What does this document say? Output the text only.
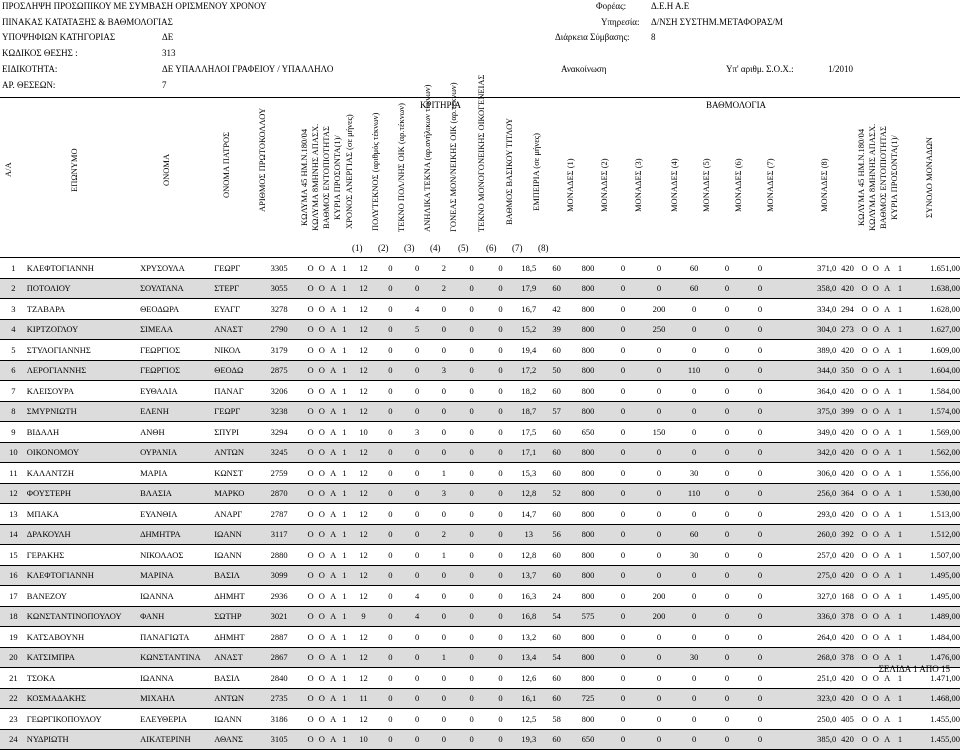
ΠΡΟΣΛΗΨΗ ΠΡΟΣΩΠΙΚΟΥ ΜΕ ΣΥΜΒΑΣΗ ΟΡΙΣΜΕΝΟΥ ΧΡΟΝΟΥ
ΠΙΝΑΚΑΣ ΚΑΤΑΤΑΞΗΣ & ΒΑΘΜΟΛΟΓΙΑΣ
ΥΠΟΨΗΦΙΩΝ ΚΑΤΗΓΟΡΙΑΣ	ΔΕ
ΚΩΔΙΚΟΣ ΘΕΣΗΣ :	313
ΕΙΔΙΚΟΤΗΤΑ:	ΔΕ ΥΠΑΛΛΗΛΟΙ ΓΡΑΦΕΙΟΥ / ΥΠΑΛΛΗΛΟ
ΑΡ. ΘΕΣΕΩΝ:	7
Φορέας:	Δ.Ε.Η Α.Ε
Υπηρεσία: Δ/ΝΣΗ ΣΥΣΤΗΜ.ΜΕΤΑΦΟΡΑΣ/Μ
Διάρκεια Σύμβασης: 8
Ανακοίνωση	Υπ' αριθμ. Σ.Ο.Χ.:	1/2010
Α/Α	ΕΠΩΝΥΜΟ	ΟΝΟΜΑ	ΟΝΟΜΑ ΠΑΤΡΟΣ	ΑΡΙΘΜΟΣ ΠΡΩΤΟΚΟΛΛΟΥ	ΚΩΛΥΜΑ 45 ΗΜ.Ν.180/04 ΚΩΛΥΜΑ 8ΜΗΝΗΣ ΑΠΑΣΧ. ΒΑΘΜΟΣ ΕΝΤΟΠΙΟΤΗΤΑΣ ΚΥΡΙΑ ΠΡΟΣΟΝΤΑ(1)/
ΚΡΙΤΗΡΙΑ
ΧΡΟΝΟΣ ΑΝΕΡΓΙΑΣ (σε μήνες) ΠΟΛΥΤΕΚΝΟΣ (αριθμός τέκνων) ΤΕΚΝΟ ΠΟΛ/ΝΗΣ ΟΙΚ (αρ.τέκνων) ΑΝΗΛΙΚΑ ΤΕΚΝΑ (αρ.ανήλικων τέκνων) ΓΟΝΕΑΣ ΜΟΝ/ΝΕΙΚΗΣ ΟΙΚ (αρ.τέκνων) ΤΕΚΝΟ ΜΟΝΟΓΟΝΕΙΚΗΣ ΟΙΚΟΓΕΝΕΙΑΣ ΒΑΘΜΟΣ ΒΑΣΙΚΟΥ ΤΙΤΛΟΥ ΕΜΠΕΙΡΙΑ (σε μήνες)
(1) (2) (3) (4) (5) (6) (7) (8)
ΒΑΘΜΟΛΟΓΙΑ
ΜΟΝΑΔΕΣ (1)	ΜΟΝΑΔΕΣ (2)	ΜΟΝΑΔΕΣ (3)	ΜΟΝΑΔΕΣ (4)	ΜΟΝΑΔΕΣ (5)	ΜΟΝΑΔΕΣ (6)	ΜΟΝΑΔΕΣ (7)	ΜΟΝΑΔΕΣ (8)	ΚΩΛΥΜΑ 45 ΗΜ.Ν.180/04 ΚΩΛΥΜΑ 8ΜΗΝΗΣ ΑΠΑΣΧ. ΒΑΘΜΟΣ ΕΝΤΟΠΙΟΤΗΤΑΣ ΚΥΡΙΑ ΠΡΟΣΟΝΤΑ(1)/	ΣΥΝΟΛΟ ΜΟΝΑΔΩΝ
1	ΚΛΕΦΤΟΓΙΑΝΝΗ	ΧΡΥΣΟΥΛΑ	ΓΕΩΡΓ	3305	Ο	Ο	Α	1	12	0	0	2	0	0	18,5	60	800	0	0	60	0	0	371,0	420	Ο	Ο	Α	1	1.651,00
2	ΠΟΤΟΛΙΟΥ	ΣΟΥΛΤΑΝΑ	ΣΤΕΡΓ	3055	Ο	Ο	Α	1	12	0	0	2	0	0	17,9	60	800	0	0	60	0	0	358,0	420	Ο	Ο	Α	1	1.638,00
3	ΤΖΑΒΑΡΑ	ΘΕΟΔΩΡΑ	ΕΥΑΓΓ	3278	Ο	Ο	Α	1	12	0	4	0	0	0	16,7	42	800	0	200	0	0	0	334,0	294	Ο	Ο	Α	1	1.628,00
4	ΚΙΡΤΖΟΓΛΟΥ	ΣΙΜΕΛΑ	ΑΝΑΣΤ	2790	Ο	Ο	Α	1	12	0	5	0	0	0	15,2	39	800	0	250	0	0	0	304,0	273	Ο	Ο	Α	1	1.627,00
5	ΣΤΥΛΟΓΙΑΝΝΗΣ	ΓΕΩΡΓΙΟΣ	ΝΙΚΟΛ	3179	Ο	Ο	Α	1	12	0	0	0	0	0	19,4	60	800	0	0	0	0	0	389,0	420	Ο	Ο	Α	1	1.609,00
6	ΛΕΡΟΓΙΑΝΝΗΣ	ΓΕΩΡΓΙΟΣ	ΘΕΟΔΩ	2875	Ο	Ο	Α	1	12	0	0	3	0	0	17,2	50	800	0	0	110	0	0	344,0	350	Ο	Ο	Α	1	1.604,00
7	ΚΛΕΙΣΟΥΡΑ	ΕΥΘΑΛΙΑ	ΠΑΝΑΓ	3206	Ο	Ο	Α	1	12	0	0	0	0	0	18,2	60	800	0	0	0	0	0	364,0	420	Ο	Ο	Α	1	1.584,00
8	ΣΜΥΡΝΙΩΤΗ	ΕΛΕΝΗ	ΓΕΩΡΓ	3238	Ο	Ο	Α	1	12	0	0	0	0	0	18,7	57	800	0	0	0	0	0	375,0	399	Ο	Ο	Α	1	1.574,00
9	ΒΙΔΑΛΗ	ΑΝΘΗ	ΣΠΥΡΙ	3294	Ο	Ο	Α	1	10	0	3	0	0	0	17,5	60	650	0	150	0	0	0	349,0	420	Ο	Ο	Α	1	1.569,00
10	ΟΙΚΟΝΟΜΟΥ	ΟΥΡΑΝΙΑ	ΑΝΤΩΝ	3245	Ο	Ο	Α	1	12	0	0	0	0	0	17,1	60	800	0	0	0	0	0	342,0	420	Ο	Ο	Α	1	1.562,00
11	ΚΑΛΑΝΤΖΗ	ΜΑΡΙΑ	ΚΩΝΣΤ	2759	Ο	Ο	Α	1	12	0	0	1	0	0	15,3	60	800	0	0	30	0	0	306,0	420	Ο	Ο	Α	1	1.556,00
12	ΦΟΥΣΤΕΡΗ	ΒΛΑΣΙΑ	ΜΑΡΚΟ	2870	Ο	Ο	Α	1	12	0	0	3	0	0	12,8	52	800	0	0	110	0	0	256,0	364	Ο	Ο	Α	1	1.530,00
13	ΜΠΑΚΑ	ΕΥΑΝΘΙΑ	ΑΝΑΡΓ	2787	Ο	Ο	Α	1	12	0	0	0	0	0	14,7	60	800	0	0	0	0	0	293,0	420	Ο	Ο	Α	1	1.513,00
14	ΔΡΑΚΟΥΛΗ	ΔΗΜΗΤΡΑ	ΙΩΑΝΝ	3117	Ο	Ο	Α	1	12	0	0	2	0	0	13	56	800	0	0	60	0	0	260,0	392	Ο	Ο	Α	1	1.512,00
15	ΓΕΡΑΚΗΣ	ΝΙΚΟΛΑΟΣ	ΙΩΑΝΝ	2880	Ο	Ο	Α	1	12	0	0	1	0	0	12,8	60	800	0	0	30	0	0	257,0	420	Ο	Ο	Α	1	1.507,00
16	ΚΛΕΦΤΟΓΙΑΝΝΗ	ΜΑΡΙΝΑ	ΒΑΣΙΛ	3099	Ο	Ο	Α	1	12	0	0	0	0	0	13,7	60	800	0	0	0	0	0	275,0	420	Ο	Ο	Α	1	1.495,00
17	ΒΑΝΕΖΟΥ	ΙΩΑΝΝΑ	ΔΗΜΗΤ	2936	Ο	Ο	Α	1	12	0	4	0	0	0	16,3	24	800	0	200	0	0	0	327,0	168	Ο	Ο	Α	1	1.495,00
18	ΚΩΝΣΤΑΝΤΙΝΟΠΟΥΛΟΥ	ΦΑΝΗ	ΣΩΤΗΡ	3021	Ο	Ο	Α	1	9	0	4	0	0	0	16,8	54	575	0	200	0	0	0	336,0	378	Ο	Ο	Α	1	1.489,00
19	ΚΑΤΣΑΒΟΥΝΗ	ΠΑΝΑΓΙΩΤΑ	ΔΗΜΗΤ	2887	Ο	Ο	Α	1	12	0	0	0	0	0	13,2	60	800	0	0	0	0	0	264,0	420	Ο	Ο	Α	1	1.484,00
20	ΚΑΤΣΙΜΠΡΑ	ΚΩΝΣΤΑΝΤΙΝΑ	ΑΝΑΣΤ	2867	Ο	Ο	Α	1	12	0	0	1	0	0	13,4	54	800	0	0	30	0	0	268,0	378	Ο	Ο	Α	1	1.476,00
21	ΤΣΟΚΑ	ΙΩΑΝΝΑ	ΒΑΣΙΛ	2840	Ο	Ο	Α	1	12	0	0	0	0	0	12,6	60	800	0	0	0	0	0	251,0	420	Ο	Ο	Α	1	1.471,00
22	ΚΟΣΜΑΔΑΚΗΣ	ΜΙΧΑΗΛ	ΑΝΤΩΝ	2735	Ο	Ο	Α	1	11	0	0	0	0	0	16,1	60	725	0	0	0	0	0	323,0	420	Ο	Ο	Α	1	1.468,00
23	ΓΕΩΡΓΙΚΟΠΟΥΛΟΥ	ΕΛΕΥΘΕΡΙΑ	ΙΩΑΝΝ	3186	Ο	Ο	Α	1	12	0	0	0	0	0	12,5	58	800	0	0	0	0	0	250,0	405	Ο	Ο	Α	1	1.455,00
24	ΝΥΔΡΙΩΤΗ	ΑΙΚΑΤΕΡΙΝΗ	ΑΘΑΝΣ	3105	Ο	Ο	Α	1	10	0	0	0	0	0	19,3	60	650	0	0	0	0	0	385,0	420	Ο	Ο	Α	1	1.455,00
ΣΕΛΙΔΑ 1 ΑΠΟ 15
